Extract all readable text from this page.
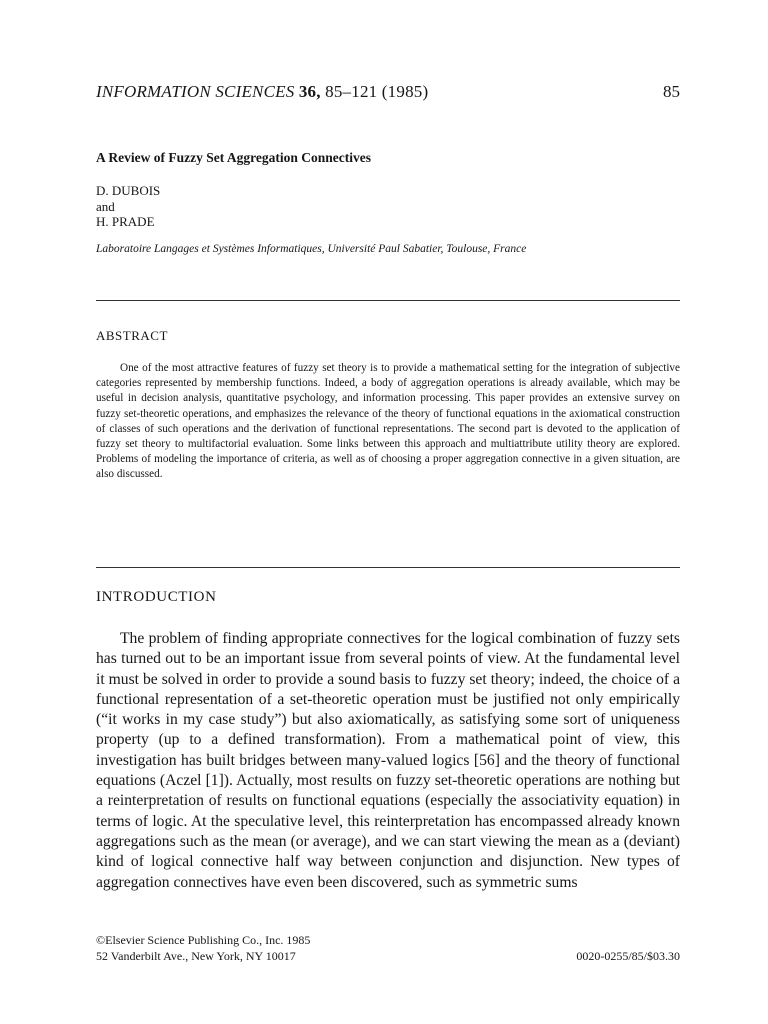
INFORMATION SCIENCES 36, 85–121 (1985)	85
A Review of Fuzzy Set Aggregation Connectives
D. DUBOIS
and
H. PRADE
Laboratoire Langages et Systèmes Informatiques, Université Paul Sabatier, Toulouse, France
ABSTRACT
One of the most attractive features of fuzzy set theory is to provide a mathematical setting for the integration of subjective categories represented by membership functions. Indeed, a body of aggregation operations is already available, which may be useful in decision analysis, quantitative psychology, and information processing. This paper provides an extensive survey on fuzzy set-theoretic operations, and emphasizes the relevance of the theory of functional equations in the axiomatical construction of classes of such operations and the derivation of functional representations. The second part is devoted to the application of fuzzy set theory to multifactorial evaluation. Some links between this approach and multiattribute utility theory are explored. Problems of modeling the importance of criteria, as well as of choosing a proper aggregation connective in a given situation, are also discussed.
INTRODUCTION
The problem of finding appropriate connectives for the logical combination of fuzzy sets has turned out to be an important issue from several points of view. At the fundamental level it must be solved in order to provide a sound basis to fuzzy set theory; indeed, the choice of a functional representation of a set-theoretic operation must be justified not only empirically (“it works in my case study”) but also axiomatically, as satisfying some sort of uniqueness property (up to a defined transformation). From a mathematical point of view, this investigation has built bridges between many-valued logics [56] and the theory of functional equations (Aczel [1]). Actually, most results on fuzzy set-theoretic operations are nothing but a reinterpretation of results on functional equations (especially the associativity equation) in terms of logic. At the speculative level, this reinterpretation has encompassed already known aggregations such as the mean (or average), and we can start viewing the mean as a (deviant) kind of logical connective half way between conjunction and disjunction. New types of aggregation connectives have even been discovered, such as symmetric sums
©Elsevier Science Publishing Co., Inc. 1985
52 Vanderbilt Ave., New York, NY 10017	0020-0255/85/$03.30
